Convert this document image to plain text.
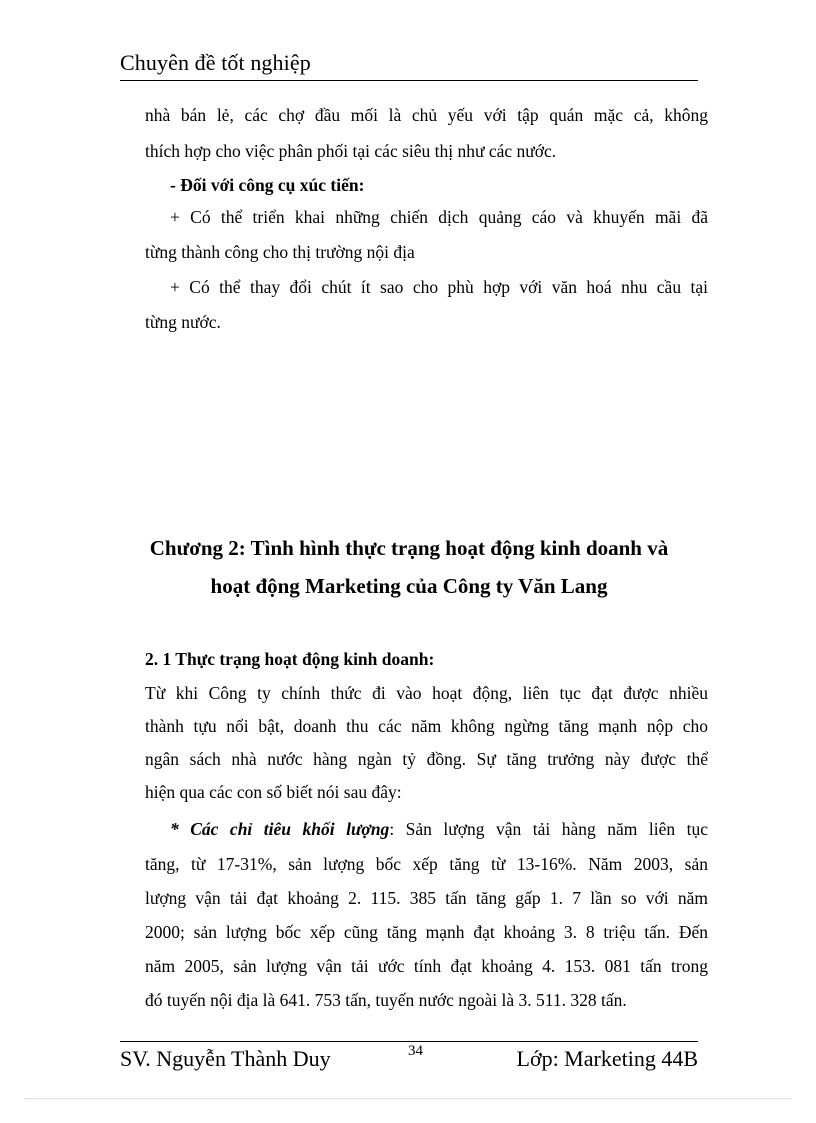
Chuyên đề tốt nghiệp
nhà bán lẻ, các chợ đầu mối là chủ yếu với tập quán mặc cả, không
thích hợp cho việc phân phối tại các siêu thị như các nước.
- Đối với công cụ xúc tiến:
+ Có thể triển khai những chiến dịch quảng cáo và khuyến mãi đã
từng thành công cho thị trường nội địa
+ Có thể thay đổi chút ít sao cho phù hợp với văn hoá nhu cầu tại
từng nước.
Chương 2: Tình hình thực trạng hoạt động kinh doanh và
hoạt động Marketing của Công ty Văn Lang
2. 1 Thực trạng hoạt động kinh doanh:
Từ khi Công ty chính thức đi vào hoạt động, liên tục đạt được nhiều
thành tựu nổi bật, doanh thu các năm không ngừng tăng mạnh nộp cho
ngân sách nhà nước hàng ngàn tỷ đồng. Sự tăng trưởng này được thể
hiện qua các con số biết nói sau đây:
* Các chỉ tiêu khối lượng: Sản lượng vận tải hàng năm liên tục
tăng, từ 17-31%, sản lượng bốc xếp tăng từ 13-16%. Năm 2003, sản
lượng vận tải đạt khoảng 2. 115. 385 tấn tăng gấp 1. 7 lần so với năm
2000; sản lượng bốc xếp cũng tăng mạnh đạt khoảng 3. 8 triệu tấn. Đến
năm 2005, sản lượng vận tải ước tính đạt khoảng 4. 153. 081 tấn trong
đó tuyến nội địa là 641. 753 tấn, tuyến nước ngoài là 3. 511. 328 tấn.
SV. Nguyễn Thành Duy	34	Lớp: Marketing 44B
